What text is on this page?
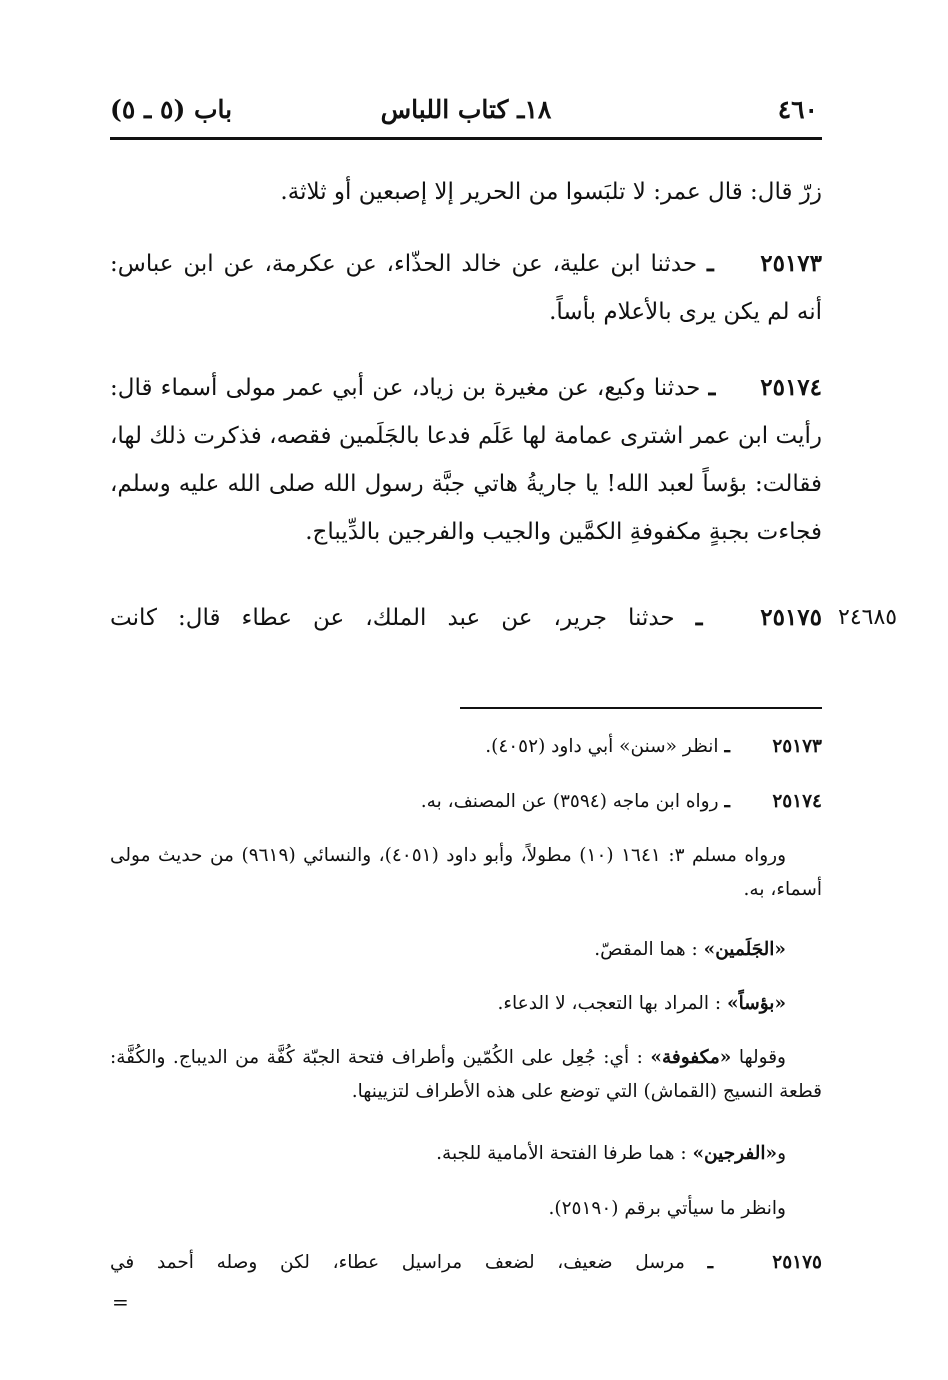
٤٦٠
١٨ـ كتاب اللباس
باب (٥ ـ ٥)
زرّ قال: قال عمر: لا تلبَسوا من الحرير إلا إصبعين أو ثلاثة.
٢٥١٧٣ ـ حدثنا ابن علية، عن خالد الحذّاء، عن عكرمة، عن ابن عباس: أنه لم يكن يرى بالأعلام بأساً.
٢٥١٧٤ ـ حدثنا وكيع، عن مغيرة بن زياد، عن أبي عمر مولى أسماء قال: رأيت ابن عمر اشترى عمامة لها عَلَم فدعا بالجَلَمين فقصه، فذكرت ذلك لها، فقالت: بؤساً لعبد الله! يا جاريةُ هاتي جبَّة رسول الله صلى الله عليه وسلم، فجاءت بجبةٍ مكفوفةِ الكمَّين والجيب والفرجين بالدِّيباج.
٢٥١٧٥ ـ حدثنا جرير، عن عبد الملك، عن عطاء قال: كانت	٢٤٦٨٥
٢٥١٧٣ ـ انظر «سنن» أبي داود (٤٠٥٢).
٢٥١٧٤ ـ رواه ابن ماجه (٣٥٩٤) عن المصنف، به.
ورواه مسلم ٣: ١٦٤١ (١٠) مطولاً، وأبو داود (٤٠٥١)، والنسائي (٩٦١٩) من حديث مولى أسماء، به.
«الجَلَمين» : هما المقصّ.
«بؤساً» : المراد بها التعجب، لا الدعاء.
وقولها «مكفوفة» : أي: جُعِل على الكُمّين وأطراف فتحة الجبّة كُفَّة من الديباج. والكُفَّة: قطعة النسيج (القماش) التي توضع على هذه الأطراف لتزيينها.
و«الفرجين» : هما طرفا الفتحة الأمامية للجبة.
وانظر ما سيأتي برقم (٢٥١٩٠).
٢٥١٧٥ ـ مرسل ضعيف، لضعف مراسيل عطاء، لكن وصله أحمد في
=
